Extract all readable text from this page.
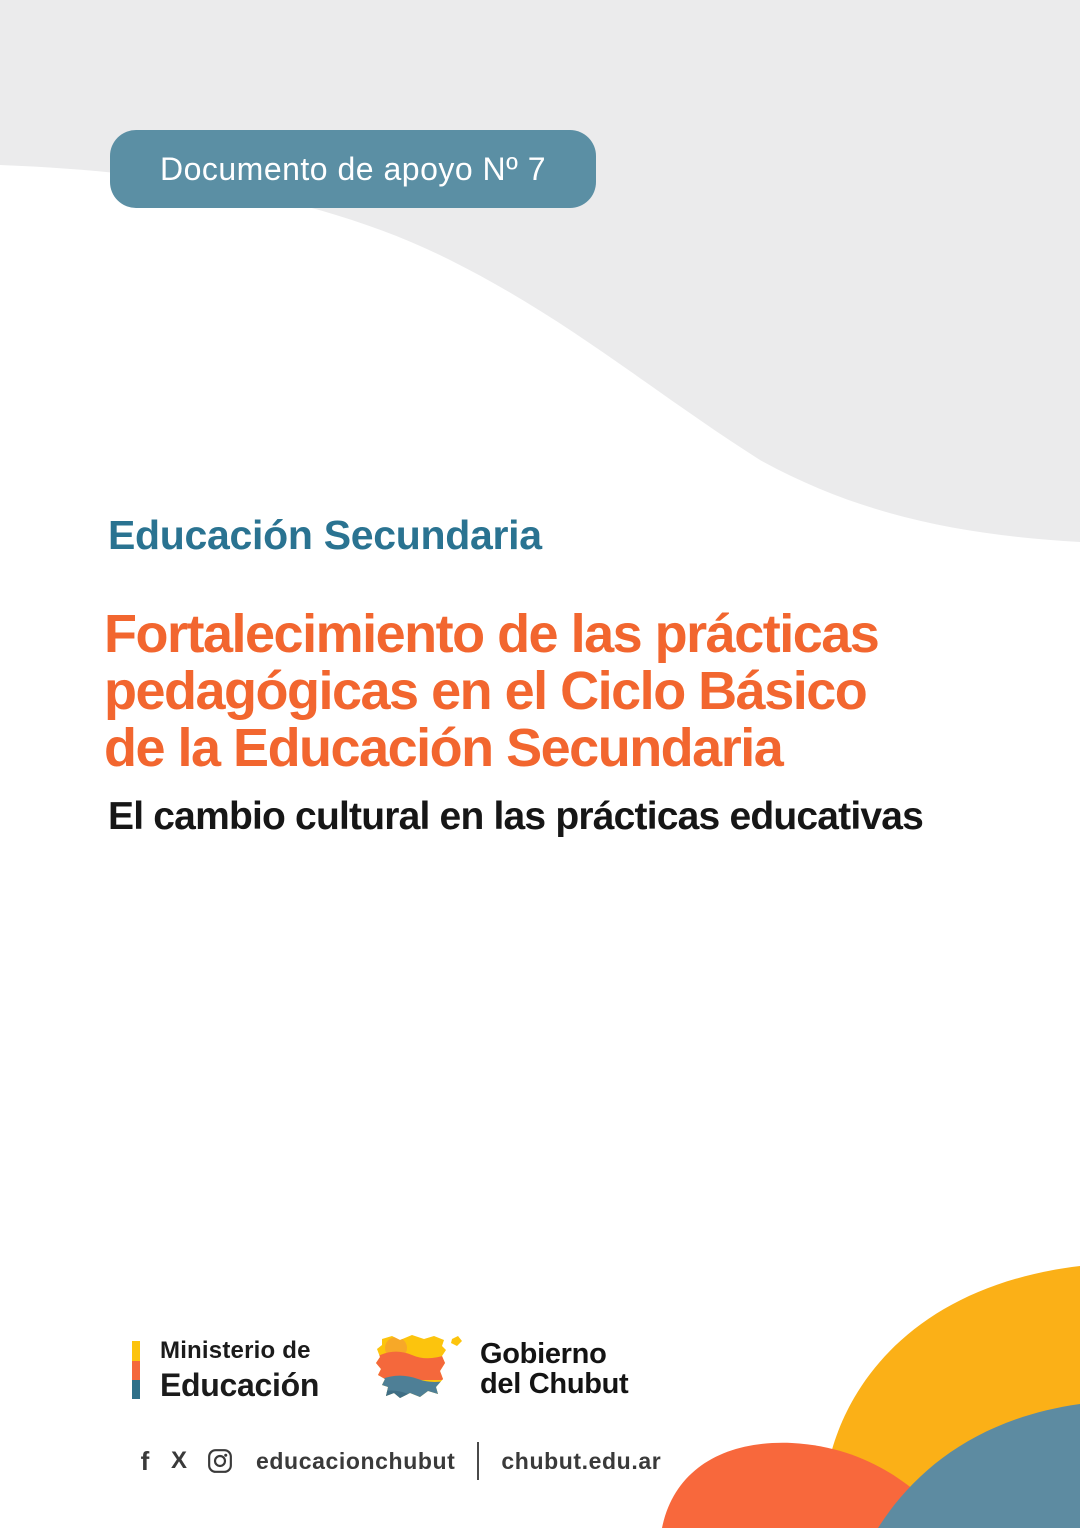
Documento de apoyo Nº 7
Educación Secundaria
Fortalecimiento de las prácticas
pedagógicas en el Ciclo Básico
de la Educación Secundaria
El cambio cultural en las prácticas educativas
Ministerio de
Educación
Gobierno
del Chubut
f X	educacionchubut chubut.edu.ar
